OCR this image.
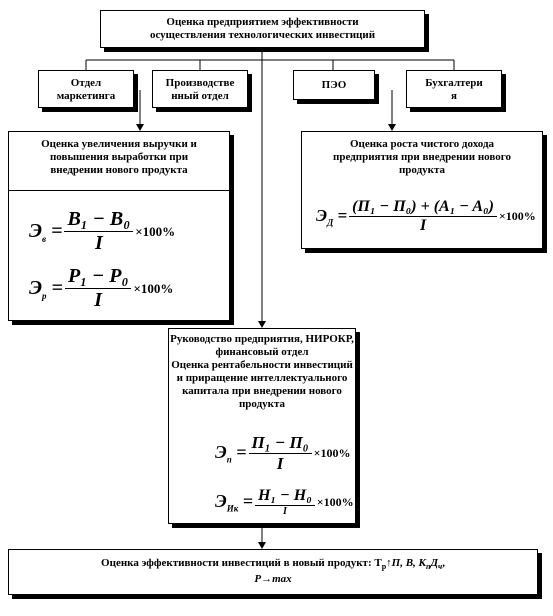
Оценка предприятием эффективности
осуществления технологических инвестиций
Отдел
маркетинга
Производстве
нный отдел
ПЭО	Бухгалтери
я
Оценка увеличения выручки и
повышения выработки при
внедрении нового продукта
$Э_в = \frac{\text{B₁ − B₀}}{I} \times 100\%$
$Э_р = \frac{\text{P₁ − P₀}}{I} \times 100\%$
Оценка роста чистого дохода
предприятия при внедрении нового
продукта
$Э_Д = \frac{\text{(П₁ − П₀) + (A₁ − A₀)}}{I} \times 100\%$
Руководство предприятия, НИРОКР,
финансовый отдел
Оценка рентабельности инвестиций
и приращение интеллектуального
капитала при внедрении нового
продукта
$Э_п = \frac{\text{П₁ − П₀}}{I} \times 100\%$
$Э_{Ик} = \frac{\text{Н₁ − Н₀}}{I} \times 100\%$
Оценка эффективности инвестиций в новый продукт: $Т_р↑П$, В, $К_пД_ч$,
Р→max
